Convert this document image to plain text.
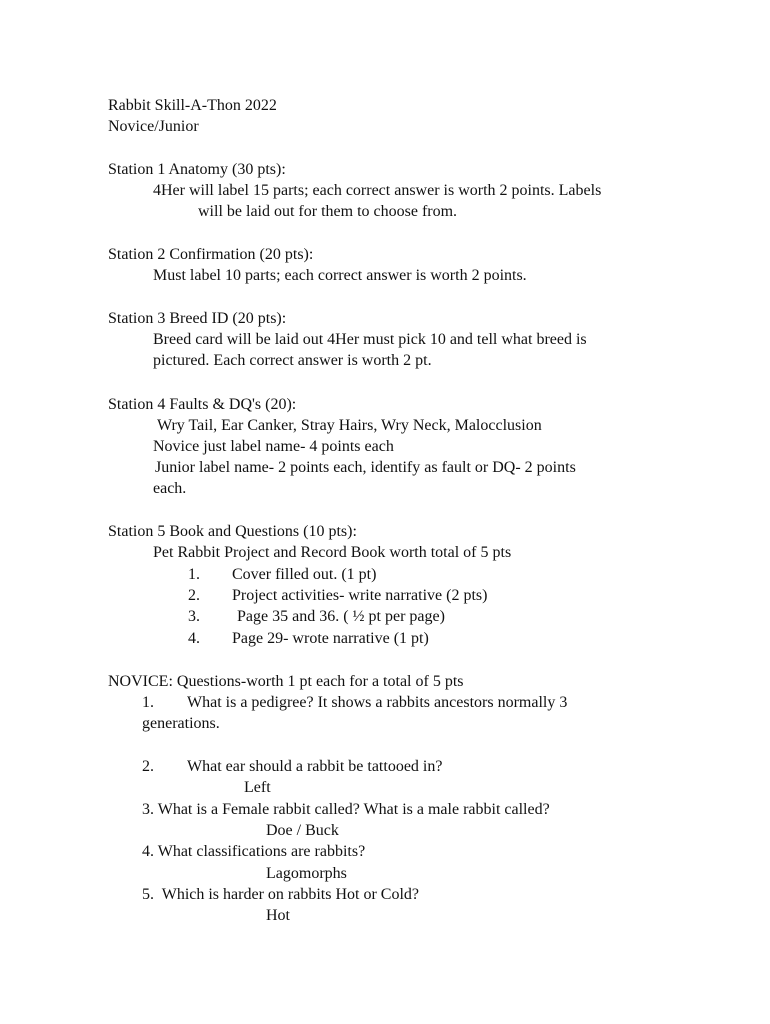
Rabbit Skill-A-Thon 2022
Novice/Junior
Station 1 Anatomy (30 pts):
4Her will label 15 parts; each correct answer is worth 2 points. Labels
will be laid out for them to choose from.
Station 2 Confirmation (20 pts):
Must label 10 parts; each correct answer is worth 2 points.
Station 3 Breed ID (20 pts):
Breed card will be laid out 4Her must pick 10 and tell what breed is
pictured. Each correct answer is worth 2 pt.
Station 4 Faults & DQ's (20):
Wry Tail, Ear Canker, Stray Hairs, Wry Neck, Malocclusion
Novice just label name- 4 points each
Junior label name- 2 points each, identify as fault or DQ- 2 points
each.
Station 5 Book and Questions (10 pts):
Pet Rabbit Project and Record Book worth total of 5 pts
1. Cover filled out. (1 pt)
2. Project activities- write narrative (2 pts)
3. Page 35 and 36. ( ½ pt per page)
4. Page 29- wrote narrative (1 pt)
NOVICE: Questions-worth 1 pt each for a total of 5 pts
1. What is a pedigree? It shows a rabbits ancestors normally 3
generations.
2. What ear should a rabbit be tattooed in?
Left
3. What is a Female rabbit called? What is a male rabbit called?
Doe / Buck
4. What classifications are rabbits?
Lagomorphs
5.  Which is harder on rabbits Hot or Cold?
Hot
